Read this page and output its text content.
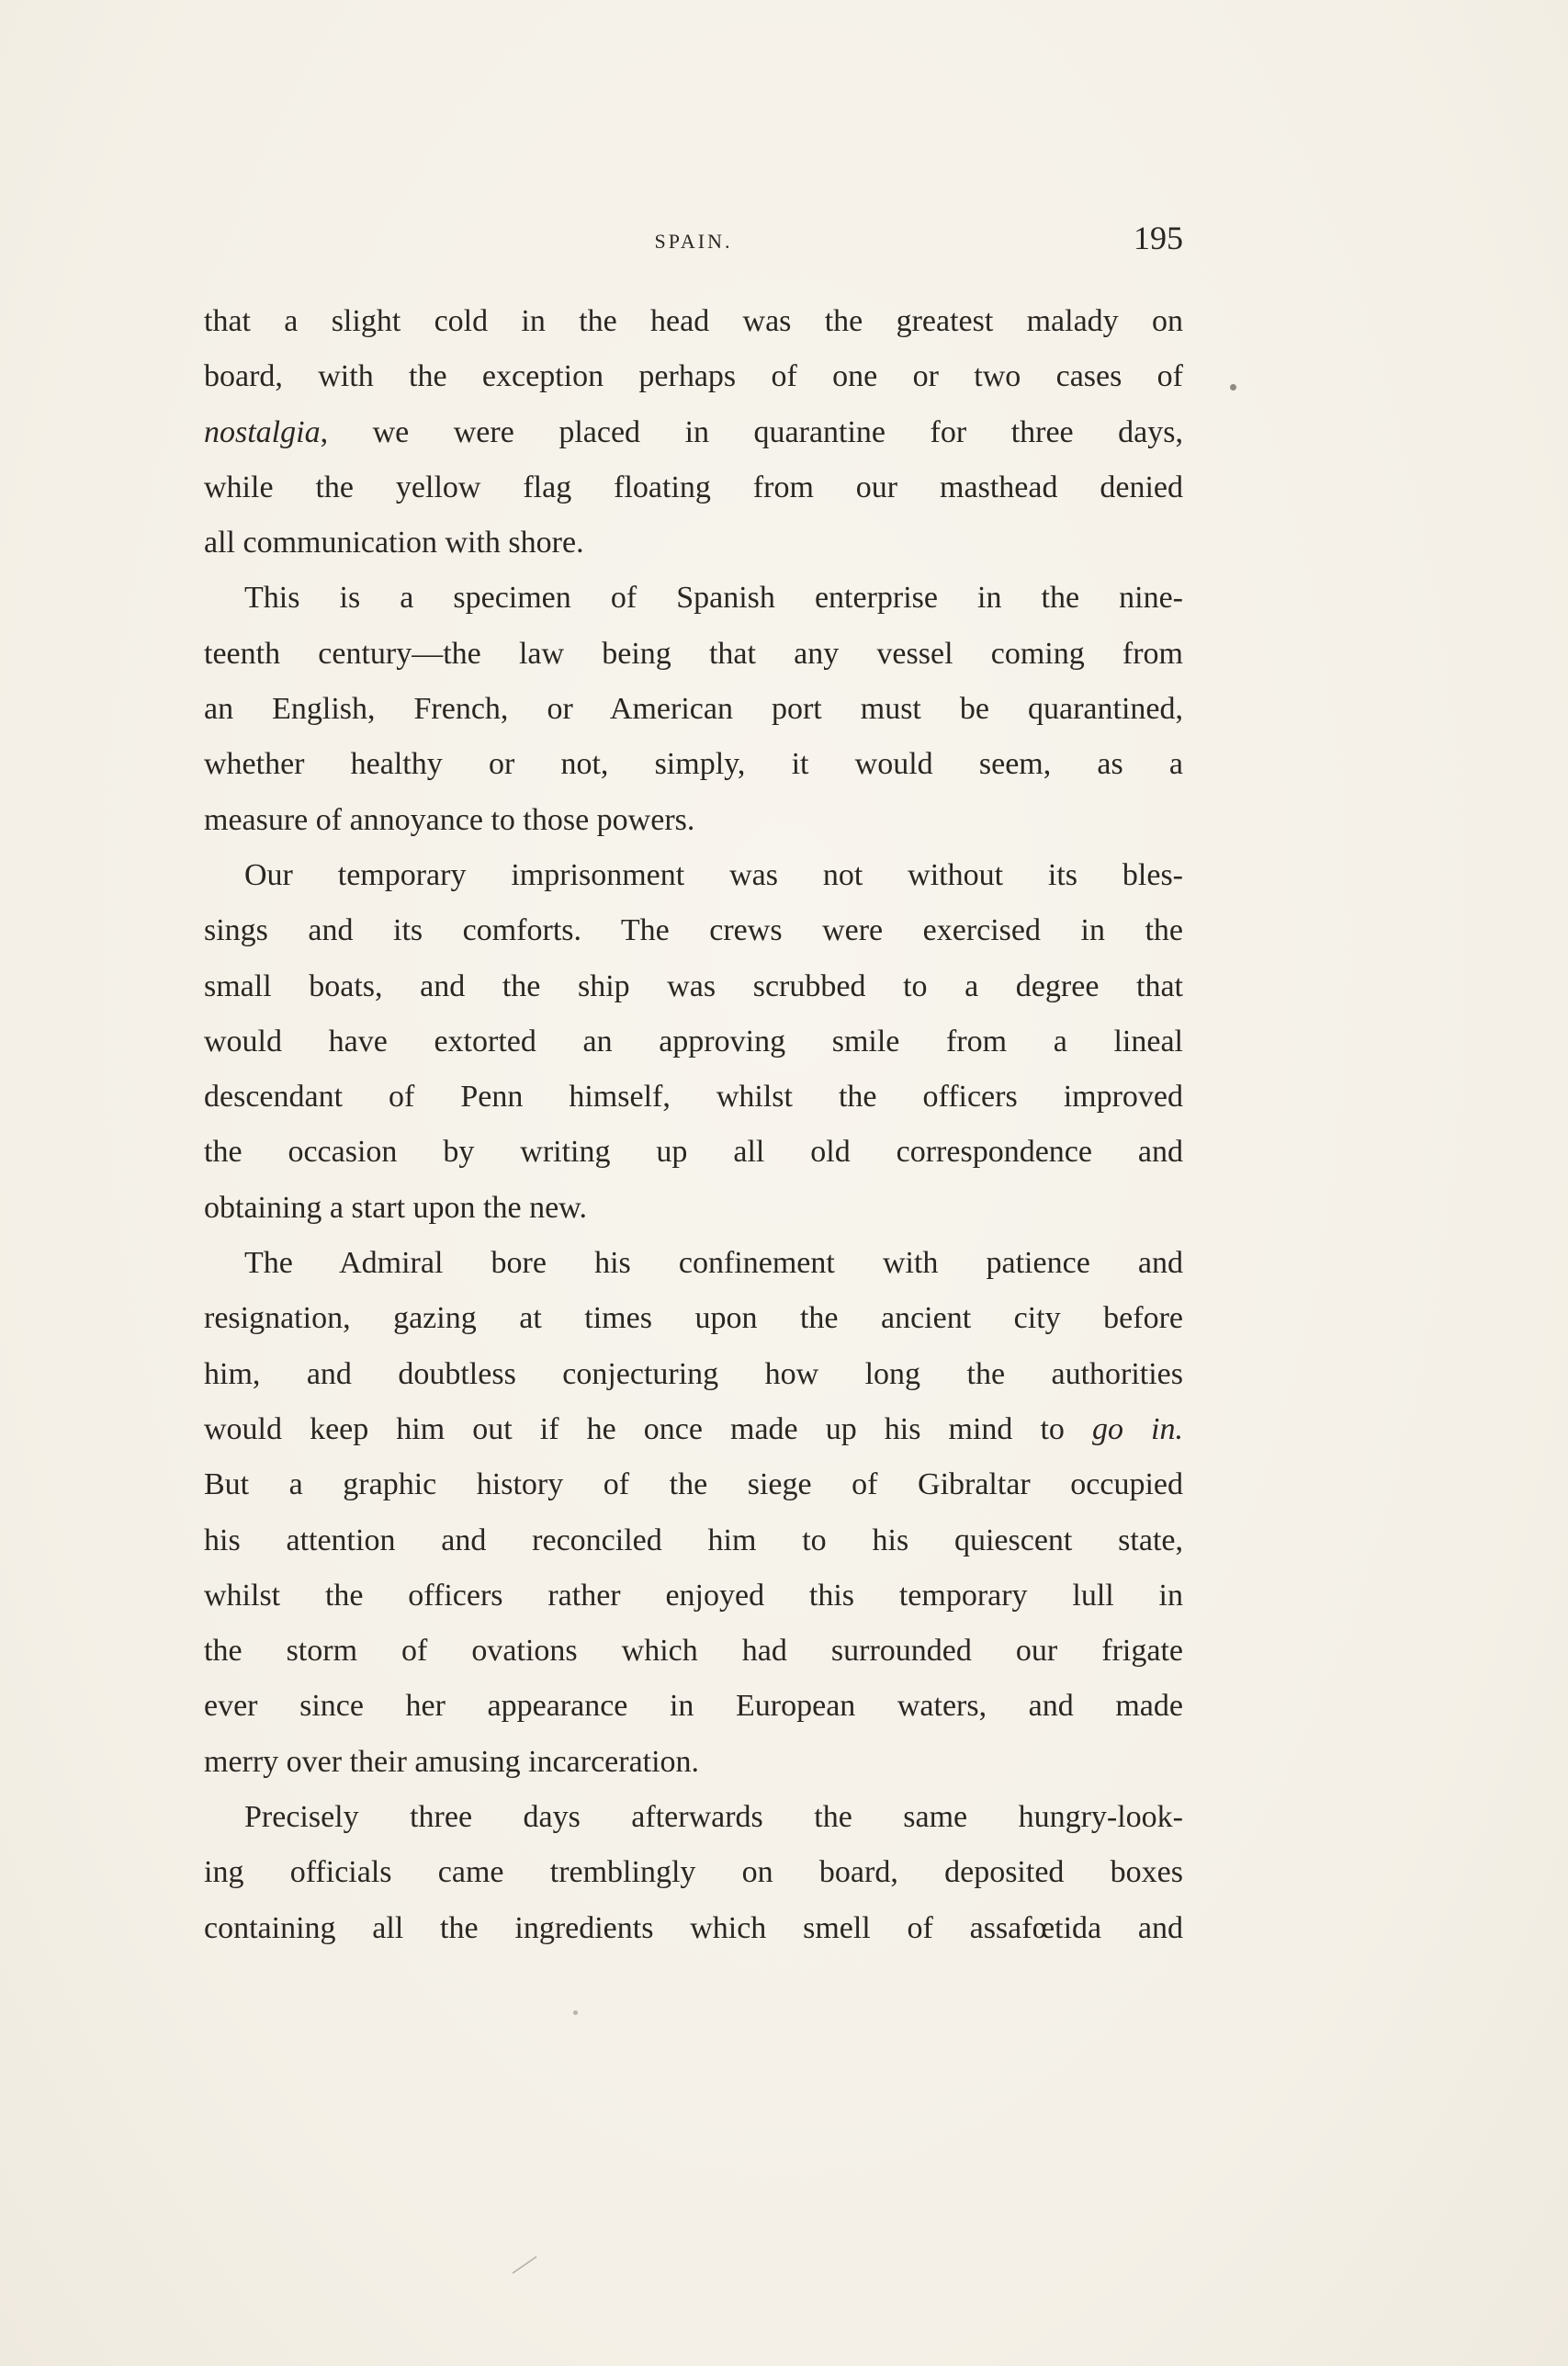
SPAIN.	195
that a slight cold in the head was the greatest malady on
board, with the exception perhaps of one or two cases of
nostalgia, we were placed in quarantine for three days,
while the yellow flag floating from our masthead denied
all communication with shore.
This is a specimen of Spanish enterprise in the nine-
teenth century—the law being that any vessel coming from
an English, French, or American port must be quarantined,
whether healthy or not, simply, it would seem, as a
measure of annoyance to those powers.
Our temporary imprisonment was not without its bles-
sings and its comforts. The crews were exercised in the
small boats, and the ship was scrubbed to a degree that
would have extorted an approving smile from a lineal
descendant of Penn himself, whilst the officers improved
the occasion by writing up all old correspondence and
obtaining a start upon the new.
The Admiral bore his confinement with patience and
resignation, gazing at times upon the ancient city before
him, and doubtless conjecturing how long the authorities
would keep him out if he once made up his mind to go in.
But a graphic history of the siege of Gibraltar occupied
his attention and reconciled him to his quiescent state,
whilst the officers rather enjoyed this temporary lull in
the storm of ovations which had surrounded our frigate
ever since her appearance in European waters, and made
merry over their amusing incarceration.
Precisely three days afterwards the same hungry-look-
ing officials came tremblingly on board, deposited boxes
containing all the ingredients which smell of assafœtida and
